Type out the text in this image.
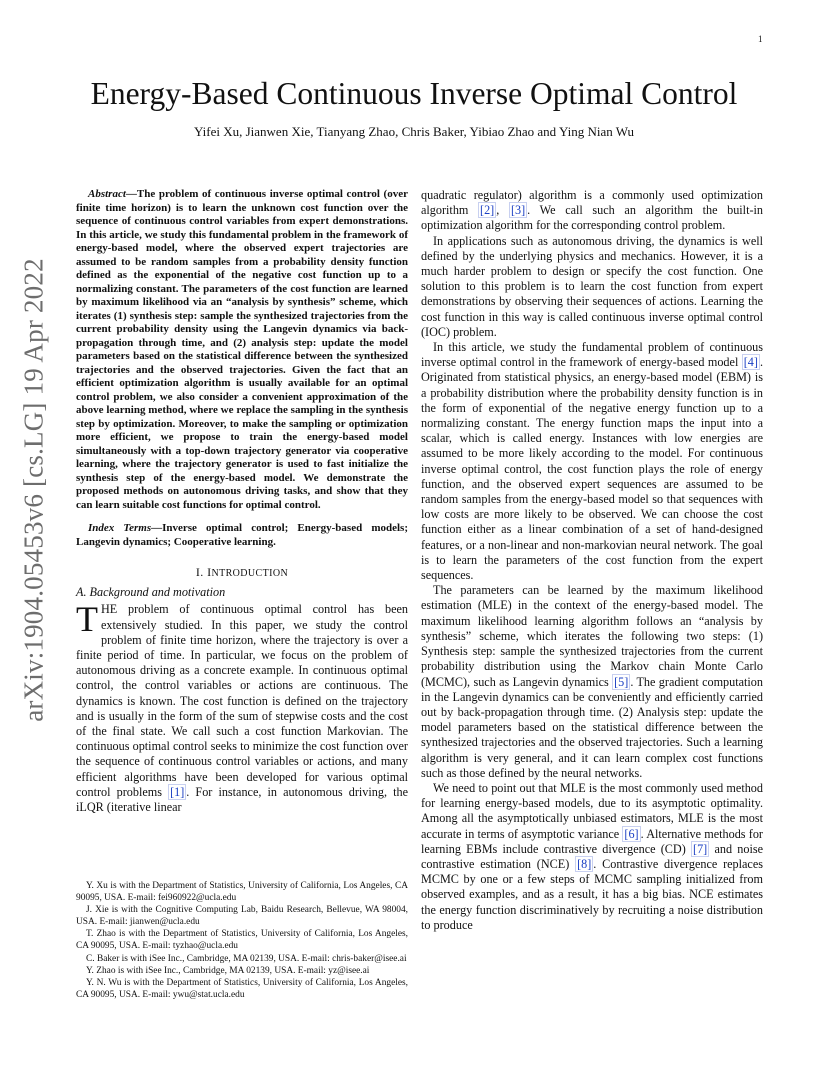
1
arXiv:1904.05453v6 [cs.LG] 19 Apr 2022
Energy-Based Continuous Inverse Optimal Control
Yifei Xu, Jianwen Xie, Tianyang Zhao, Chris Baker, Yibiao Zhao and Ying Nian Wu

Abstract—The problem of continuous inverse optimal control (over finite time horizon) is to learn the unknown cost function over the sequence of continuous control variables from expert demonstrations. In this article, we study this fundamental problem in the framework of energy-based model, where the observed expert trajectories are assumed to be random samples from a probability density function defined as the exponential of the negative cost function up to a normalizing constant. The parameters of the cost function are learned by maximum likelihood via an “analysis by synthesis” scheme, which iterates (1) synthesis step: sample the synthesized trajectories from the current probability density using the Langevin dynamics via back-propagation through time, and (2) analysis step: update the model parameters based on the statistical difference between the synthesized trajectories and the observed trajectories. Given the fact that an efficient optimization algorithm is usually available for an optimal control problem, we also consider a convenient approximation of the above learning method, where we replace the sampling in the synthesis step by optimization. Moreover, to make the sampling or optimization more efficient, we propose to train the energy-based model simultaneously with a top-down trajectory generator via cooperative learning, where the trajectory generator is used to fast initialize the synthesis step of the energy-based model. We demonstrate the proposed methods on autonomous driving tasks, and show that they can learn suitable cost functions for optimal control.

Index Terms—Inverse optimal control; Energy-based models; Langevin dynamics; Cooperative learning.

I. INTRODUCTION
A. Background and motivation

THE problem of continuous optimal control has been extensively studied. In this paper, we study the control problem of finite time horizon, where the trajectory is over a finite period of time. In particular, we focus on the problem of autonomous driving as a concrete example. In continuous optimal control, the control variables or actions are continuous. The dynamics is known. The cost function is defined on the trajectory and is usually in the form of the sum of stepwise costs and the cost of the final state. We call such a cost function Markovian. The continuous optimal control seeks to minimize the cost function over the sequence of continuous control variables or actions, and many efficient algorithms have been developed for various optimal control problems [1] . For instance, in autonomous driving, the iLQR (iterative linear

quadratic regulator) algorithm is a commonly used optimization algorithm [2] , [3] . We call such an algorithm the built-in optimization algorithm for the corresponding control problem.

In applications such as autonomous driving, the dynamics is well defined by the underlying physics and mechanics. However, it is a much harder problem to design or specify the cost function. One solution to this problem is to learn the cost function from expert demonstrations by observing their sequences of actions. Learning the cost function in this way is called continuous inverse optimal control (IOC) problem.

In this article, we study the fundamental problem of continuous inverse optimal control in the framework of energy-based model [4] . Originated from statistical physics, an energy-based model (EBM) is a probability distribution where the probability density function is in the form of exponential of the negative energy function up to a normalizing constant. The energy function maps the input into a scalar, which is called energy. Instances with low energies are assumed to be more likely according to the model. For continuous inverse optimal control, the cost function plays the role of energy function, and the observed expert sequences are assumed to be random samples from the energy-based model so that sequences with low costs are more likely to be observed. We can choose the cost function either as a linear combination of a set of hand-designed features, or a non-linear and non-markovian neural network. The goal is to learn the parameters of the cost function from the expert sequences.

The parameters can be learned by the maximum likelihood estimation (MLE) in the context of the energy-based model. The maximum likelihood learning algorithm follows an “analysis by synthesis” scheme, which iterates the following two steps: (1) Synthesis step: sample the synthesized trajectories from the current probability distribution using the Markov chain Monte Carlo (MCMC), such as Langevin dynamics [5] . The gradient computation in the Langevin dynamics can be conveniently and efficiently carried out by back-propagation through time. (2) Analysis step: update the model parameters based on the statistical difference between the synthesized trajectories and the observed trajectories. Such a learning algorithm is very general, and it can learn complex cost functions such as those defined by the neural networks.

We need to point out that MLE is the most commonly used method for learning energy-based models, due to its asymptotic optimality. Among all the asymptotically unbiased estimators, MLE is the most accurate in terms of asymptotic variance [6] . Alternative methods for learning EBMs include contrastive divergence (CD) [7] and noise contrastive estimation (NCE) [8] . Contrastive divergence replaces MCMC by one or a few steps of MCMC sampling initialized from observed examples, and as a result, it has a big bias. NCE estimates the energy function discriminatively by recruiting a noise distribution to produce

Y. Xu is with the Department of Statistics, University of California, Los Angeles, CA 90095, USA. E-mail: fei960922@ucla.edu

J. Xie is with the Cognitive Computing Lab, Baidu Research, Bellevue, WA 98004, USA. E-mail: jianwen@ucla.edu

T. Zhao is with the Department of Statistics, University of California, Los Angeles, CA 90095, USA. E-mail: tyzhao@ucla.edu

C. Baker is with iSee Inc., Cambridge, MA 02139, USA. E-mail: chris-baker@isee.ai

Y. Zhao is with iSee Inc., Cambridge, MA 02139, USA. E-mail: yz@isee.ai

Y. N. Wu is with the Department of Statistics, University of California, Los Angeles, CA 90095, USA. E-mail: ywu@stat.ucla.edu
